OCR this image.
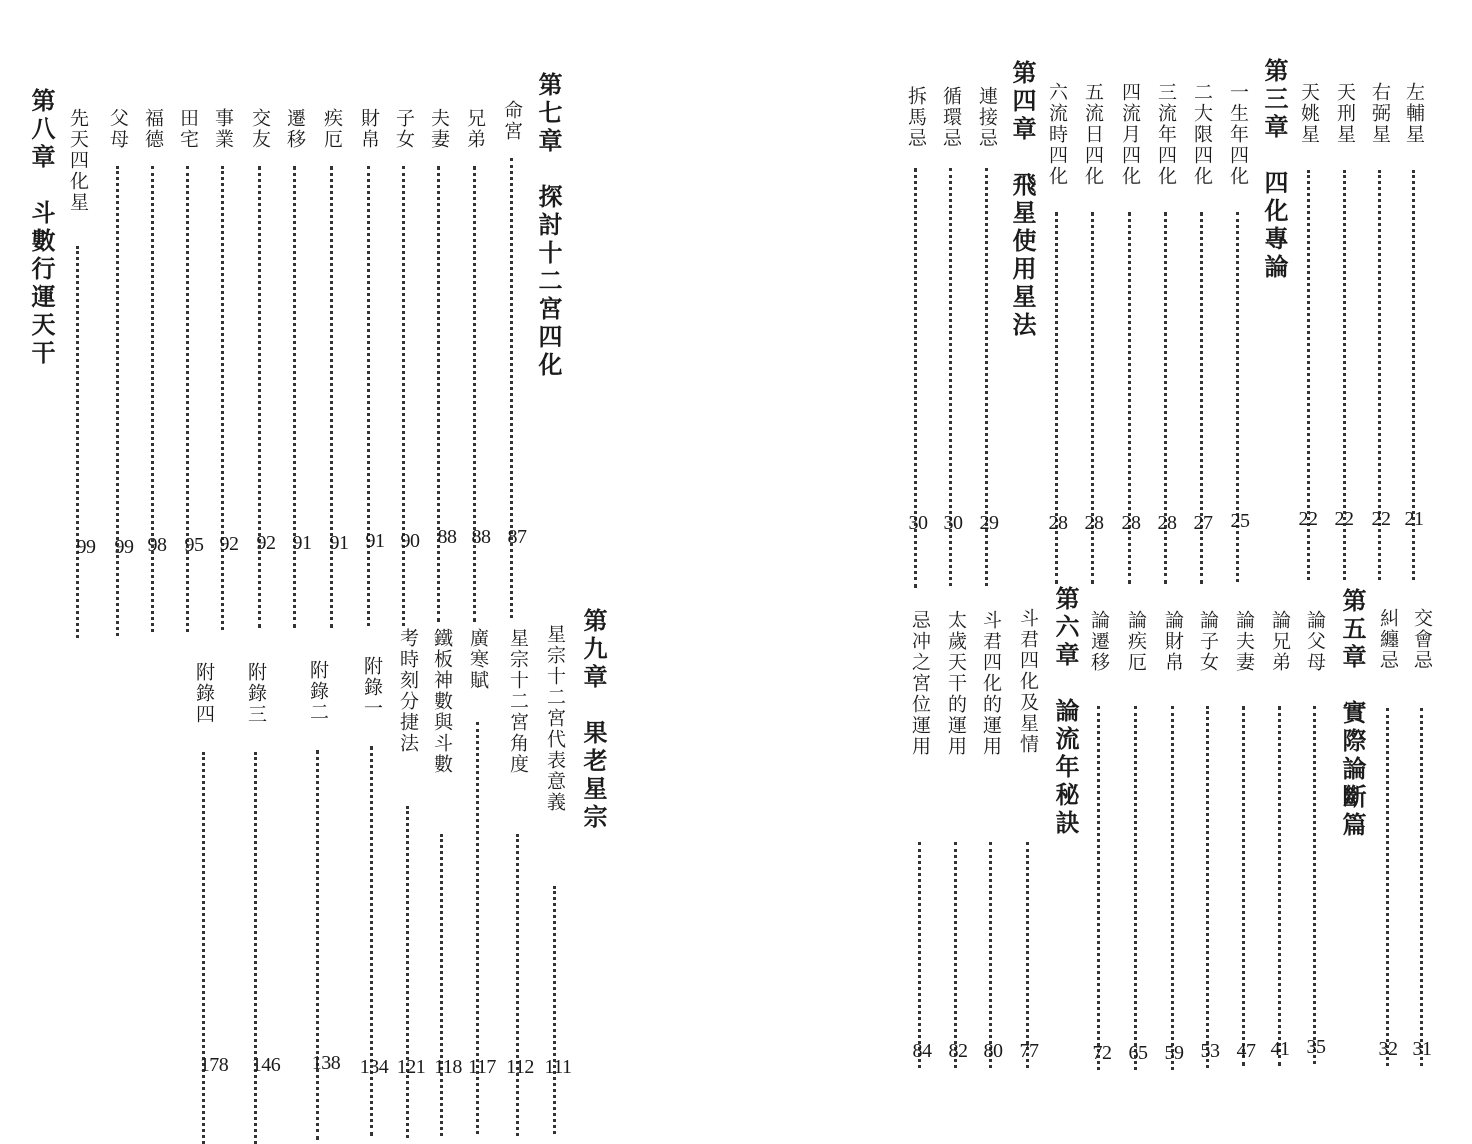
第八章　斗數行運天干 先天四化星
99
父母
99
福德
98
田宅
95
事業
92
交友
92
遷移
91
疾厄
91
財帛
91
子女
90
夫妻
88
兄弟
88
命宮
87
第七章　探討十二宮四化	拆馬忌
30
循環忌
30
連接忌
29
第四章　飛星使用星法 六流時四化
28
五流日四化
28
四流月四化
28
三流年四化
28
二大限四化
27
一生年四化
25
第三章　四化專論 天姚星
22
天刑星
22
右弼星
22
左輔星
21
附錄四
178
附錄三
146
附錄二
138
附錄一
134
考時刻分捷法
121
鐵板神數與斗數
118
廣寒賦
117
星宗十二宮角度
112
星宗十二宮代表意義
111
第九章　果老星宗	忌冲之宮位運用
84
太歲天干的運用
82
斗君四化的運用
80
斗君四化及星情
77
第六章　論流年秘訣 論遷移
72
論疾厄
65
論財帛
59
論子女
53
論夫妻
47
論兄弟
41
論父母
35
第五章　實際論斷篇 糾纏忌
32
交會忌
31
